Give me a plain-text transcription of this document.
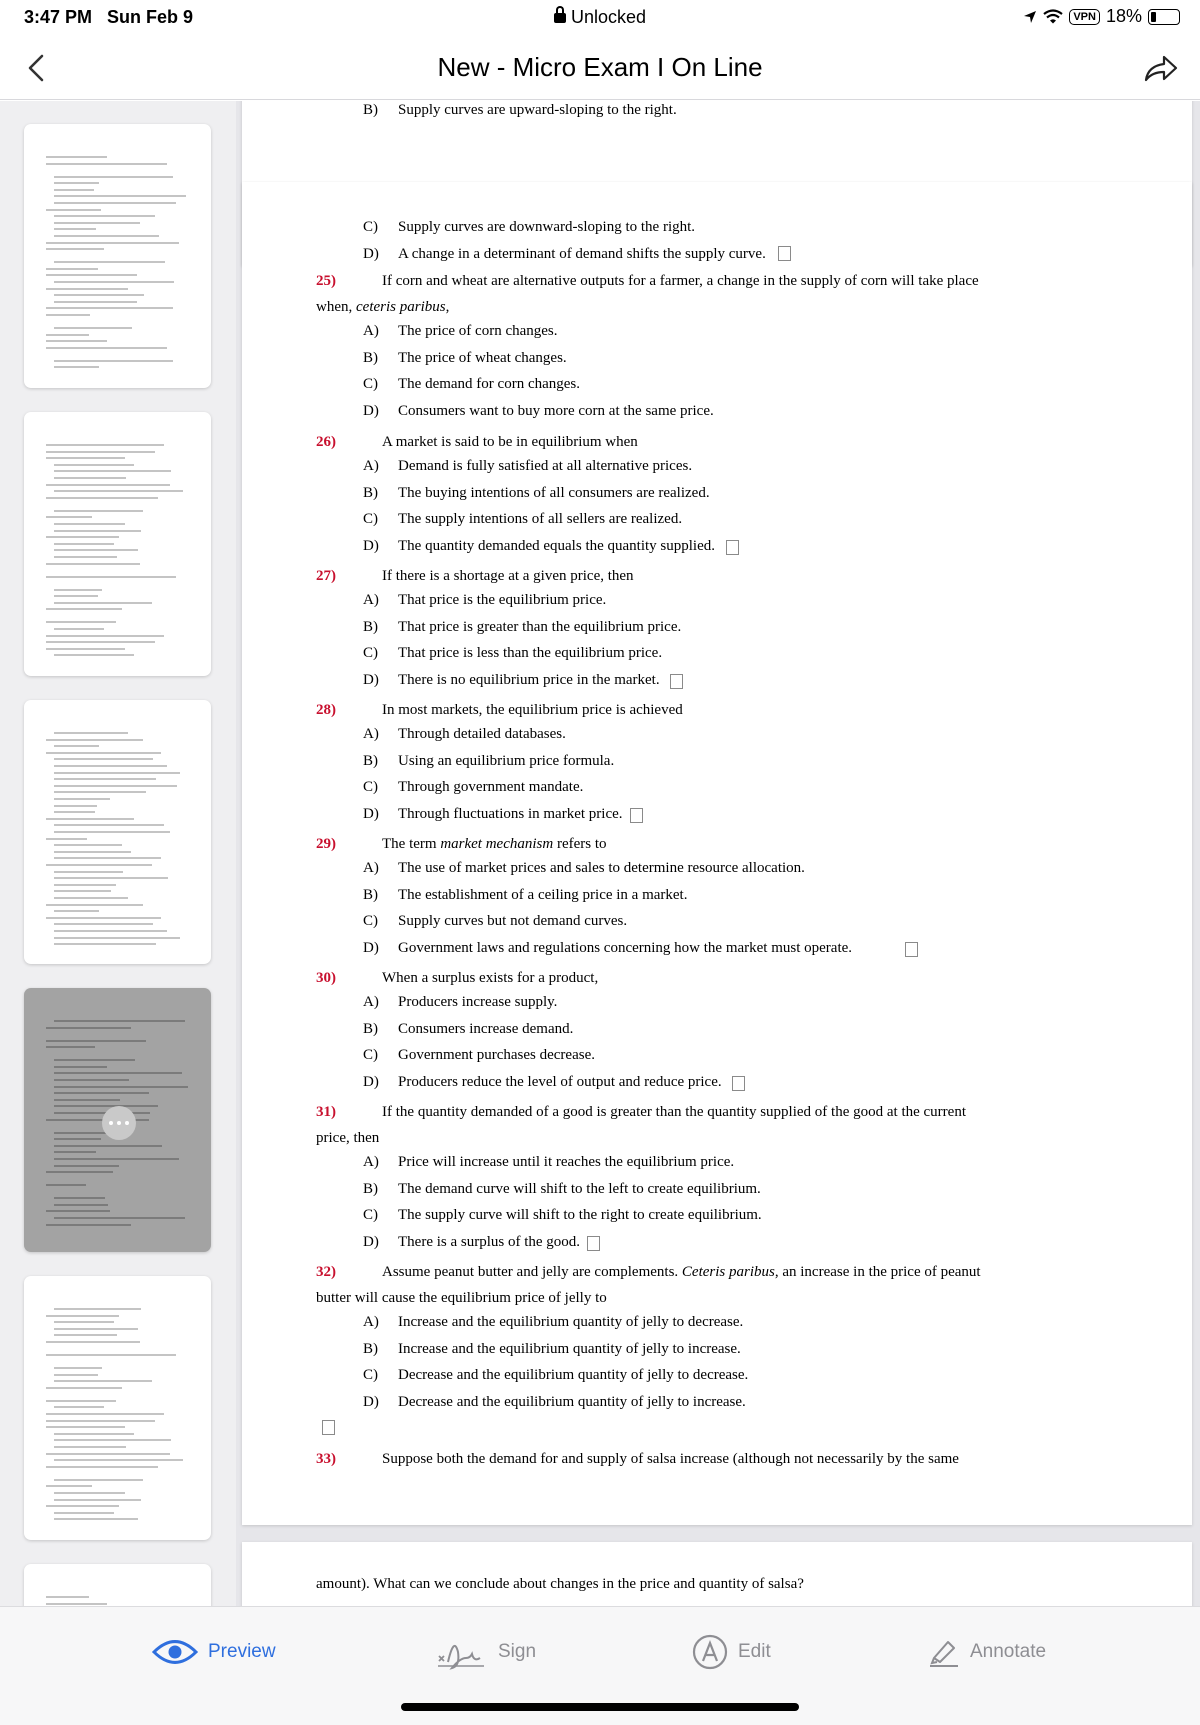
3:47 PM Sun Feb 9	Unlocked	VPN 18%
New - Micro Exam I On Line
B) Supply curves are upward-sloping to the right.
C) Supply curves are downward-sloping to the right.
D) A change in a determinant of demand shifts the supply curve.
25)	If corn and wheat are alternative outputs for a farmer, a change in the supply of corn will take place
when, ceteris paribus,
A) The price of corn changes.
B) The price of wheat changes.
C) The demand for corn changes.
D) Consumers want to buy more corn at the same price.
26)	A market is said to be in equilibrium when
A) Demand is fully satisfied at all alternative prices.
B) The buying intentions of all consumers are realized.
C) The supply intentions of all sellers are realized.
D) The quantity demanded equals the quantity supplied.
27)	If there is a shortage at a given price, then
A) That price is the equilibrium price.
B) That price is greater than the equilibrium price.
C) That price is less than the equilibrium price.
D) There is no equilibrium price in the market.
28)	In most markets, the equilibrium price is achieved
A) Through detailed databases.
B) Using an equilibrium price formula.
C) Through government mandate.
D) Through fluctuations in market price.
29)	The term market mechanism refers to
A) The use of market prices and sales to determine resource allocation.
B) The establishment of a ceiling price in a market.
C) Supply curves but not demand curves.
D) Government laws and regulations concerning how the market must operate.
30)	When a surplus exists for a product,
A) Producers increase supply.
B) Consumers increase demand.
C) Government purchases decrease.
D) Producers reduce the level of output and reduce price.
31)	If the quantity demanded of a good is greater than the quantity supplied of the good at the current
price, then
A) Price will increase until it reaches the equilibrium price.
B) The demand curve will shift to the left to create equilibrium.
C) The supply curve will shift to the right to create equilibrium.
D) There is a surplus of the good.
32)	Assume peanut butter and jelly are complements. Ceteris paribus, an increase in the price of peanut
butter will cause the equilibrium price of jelly to
A) Increase and the equilibrium quantity of jelly to decrease.
B) Increase and the equilibrium quantity of jelly to increase.
C) Decrease and the equilibrium quantity of jelly to decrease.
D) Decrease and the equilibrium quantity of jelly to increase.
33)	Suppose both the demand for and supply of salsa increase (although not necessarily by the same
amount). What can we conclude about changes in the price and quantity of salsa?
Preview	Sign	Edit	Annotate
